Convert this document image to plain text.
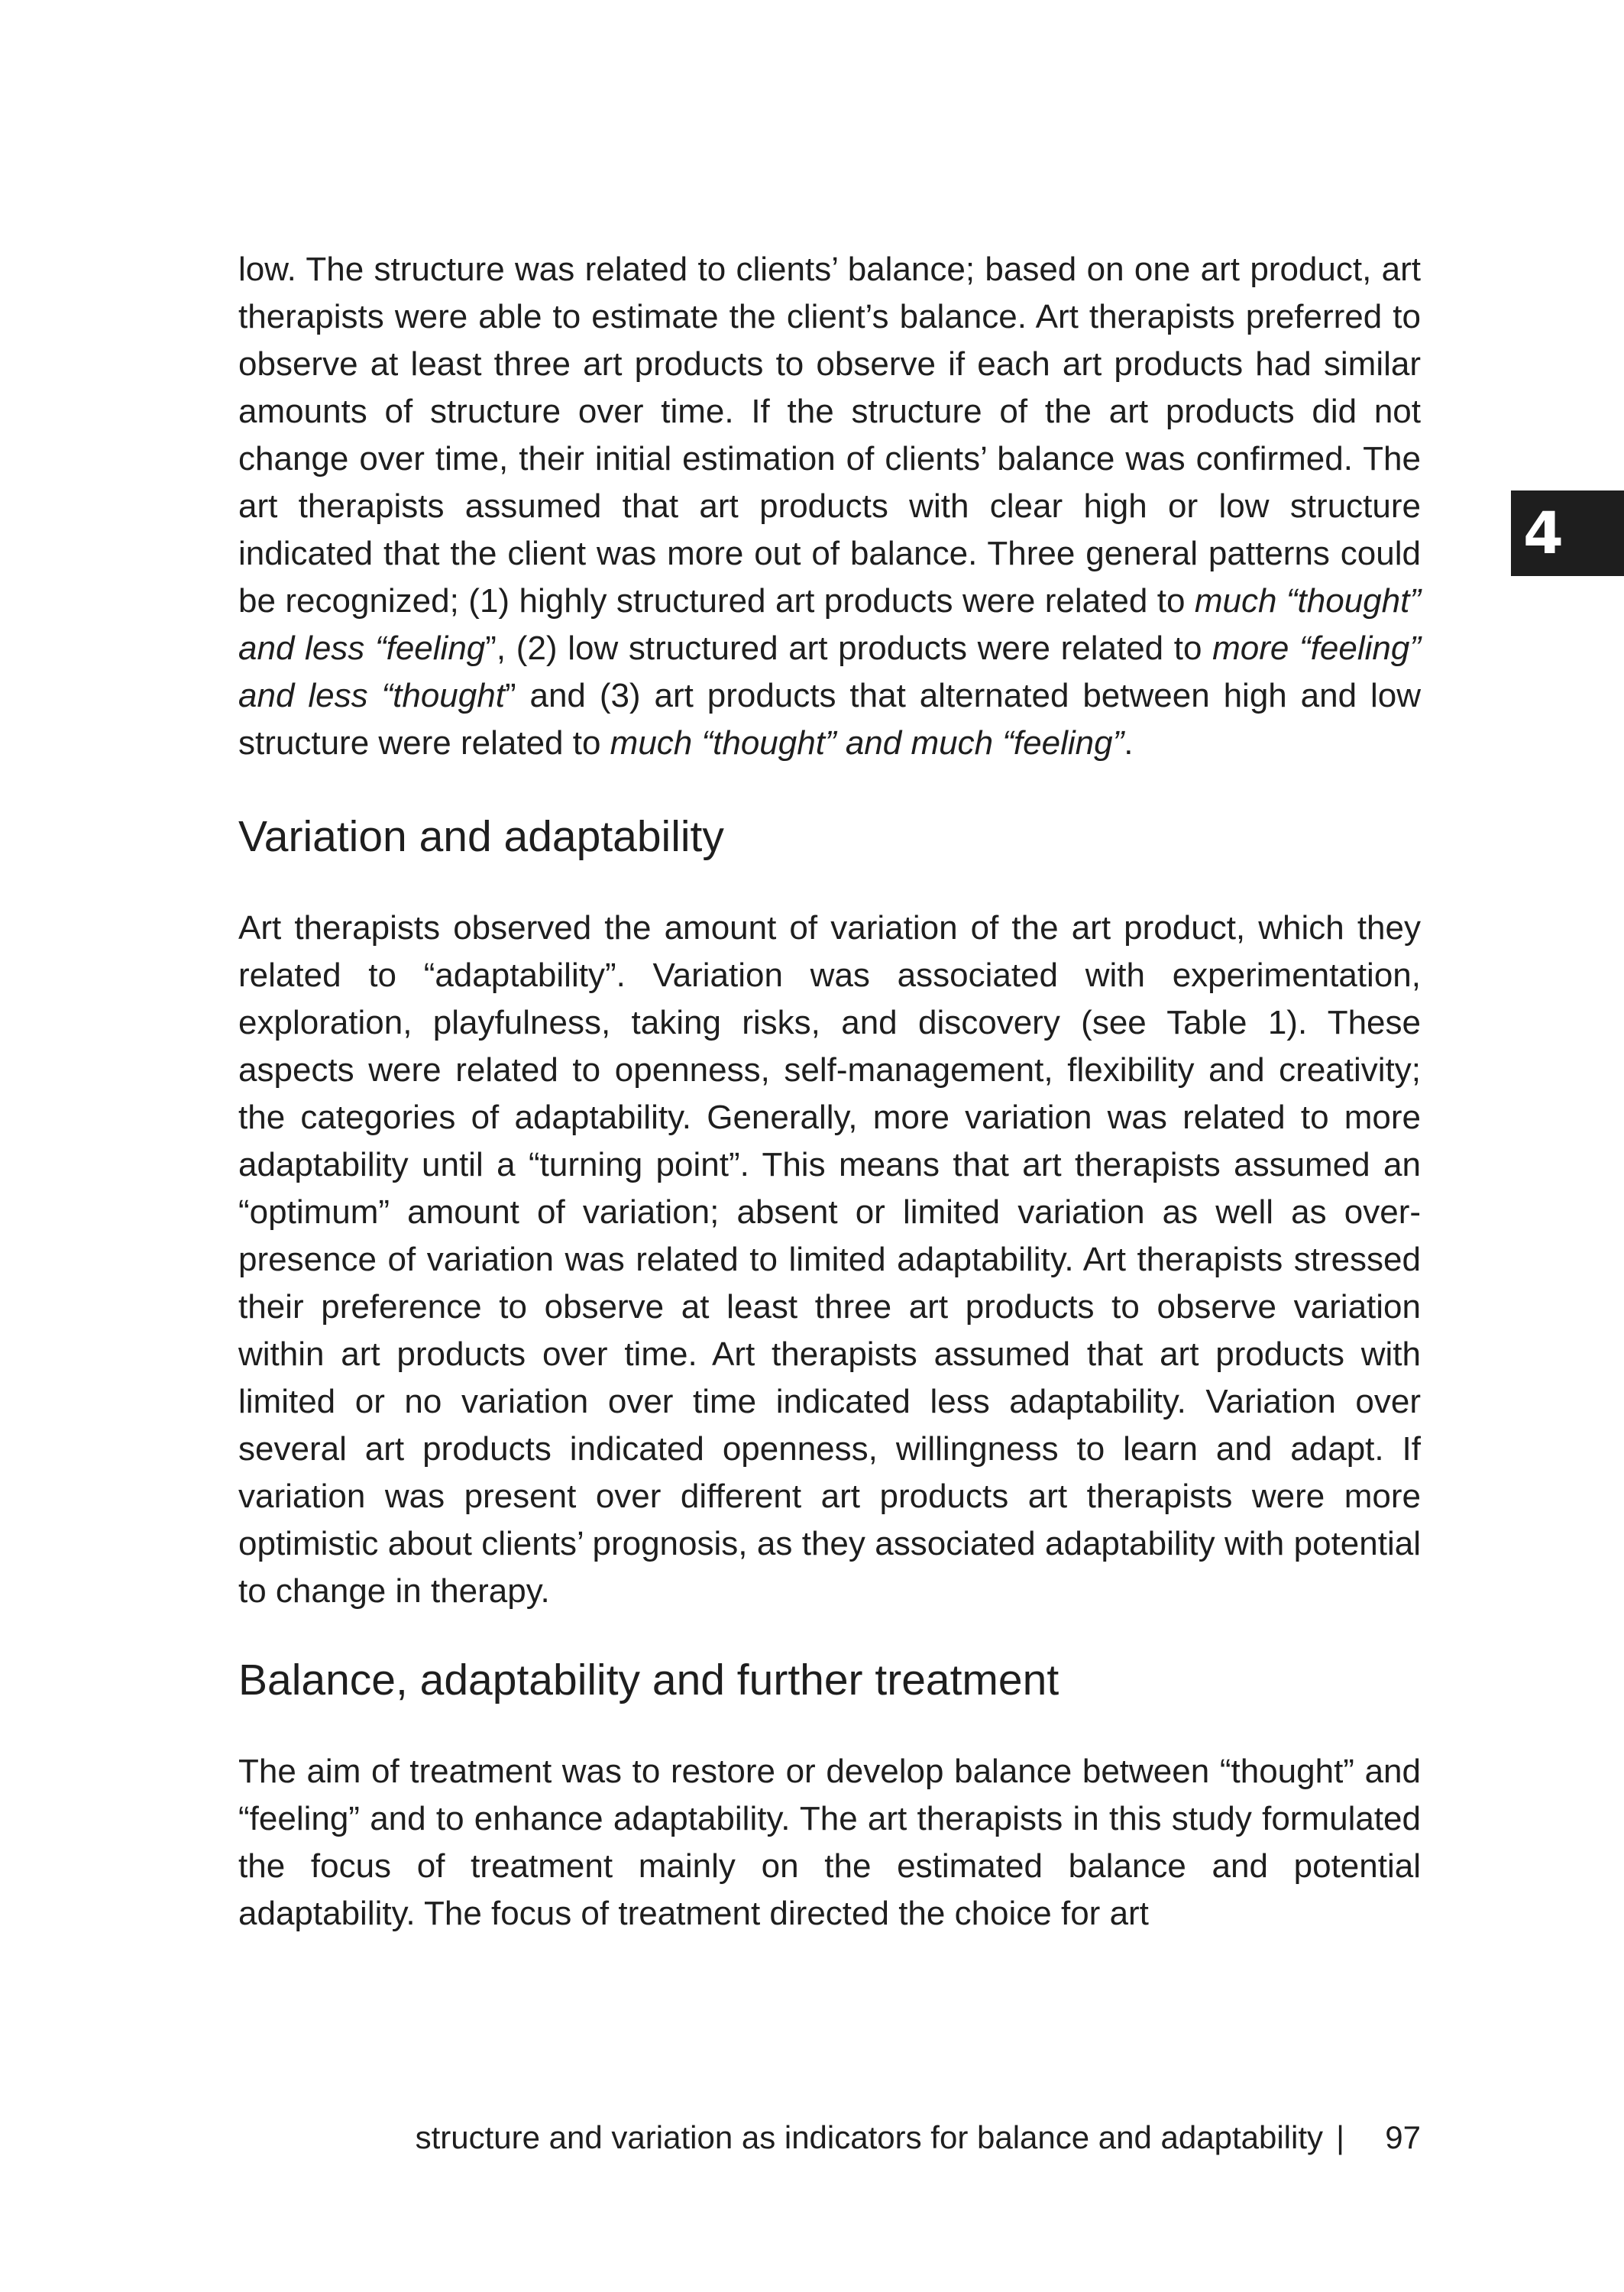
4

low. The structure was related to clients’ balance; based on one art product, art therapists were able to estimate the client’s balance. Art therapists preferred to observe at least three art products to observe if each art products had similar amounts of structure over time. If the structure of the art products did not change over time, their initial estimation of clients’ balance was confirmed. The art therapists assumed that art products with clear high or low structure indicated that the client was more out of balance. Three general patterns could be recognized; (1) highly structured art products were related to much “thought” and less “feeling”, (2) low structured art products were related to more “feeling” and less “thought” and (3) art products that alternated between high and low structure were related to much “thought” and much “feeling”.

Variation and adaptability

Art therapists observed the amount of variation of the art product, which they related to “adaptability”. Variation was associated with experimentation, exploration, playfulness, taking risks, and discovery (see Table 1). These aspects were related to openness, self-management, flexibility and creativity; the categories of adaptability. Generally, more variation was related to more adaptability until a “turning point”. This means that art therapists assumed an “optimum” amount of variation; absent or limited variation as well as over- presence of variation was related to limited adaptability. Art therapists stressed their preference to observe at least three art products to observe variation within art products over time. Art therapists assumed that art products with limited or no variation over time indicated less adaptability. Variation over several art products indicated openness, willingness to learn and adapt. If variation was present over different art products art therapists were more optimistic about clients’ prognosis, as they associated adaptability with potential to change in therapy.

Balance, adaptability and further treatment

The aim of treatment was to restore or develop balance between “thought” and “feeling” and to enhance adaptability. The art therapists in this study formulated the focus of treatment mainly on the estimated balance and potential adaptability. The focus of treatment directed the choice for art

structure and variation as indicators for balance and adaptability | 97
